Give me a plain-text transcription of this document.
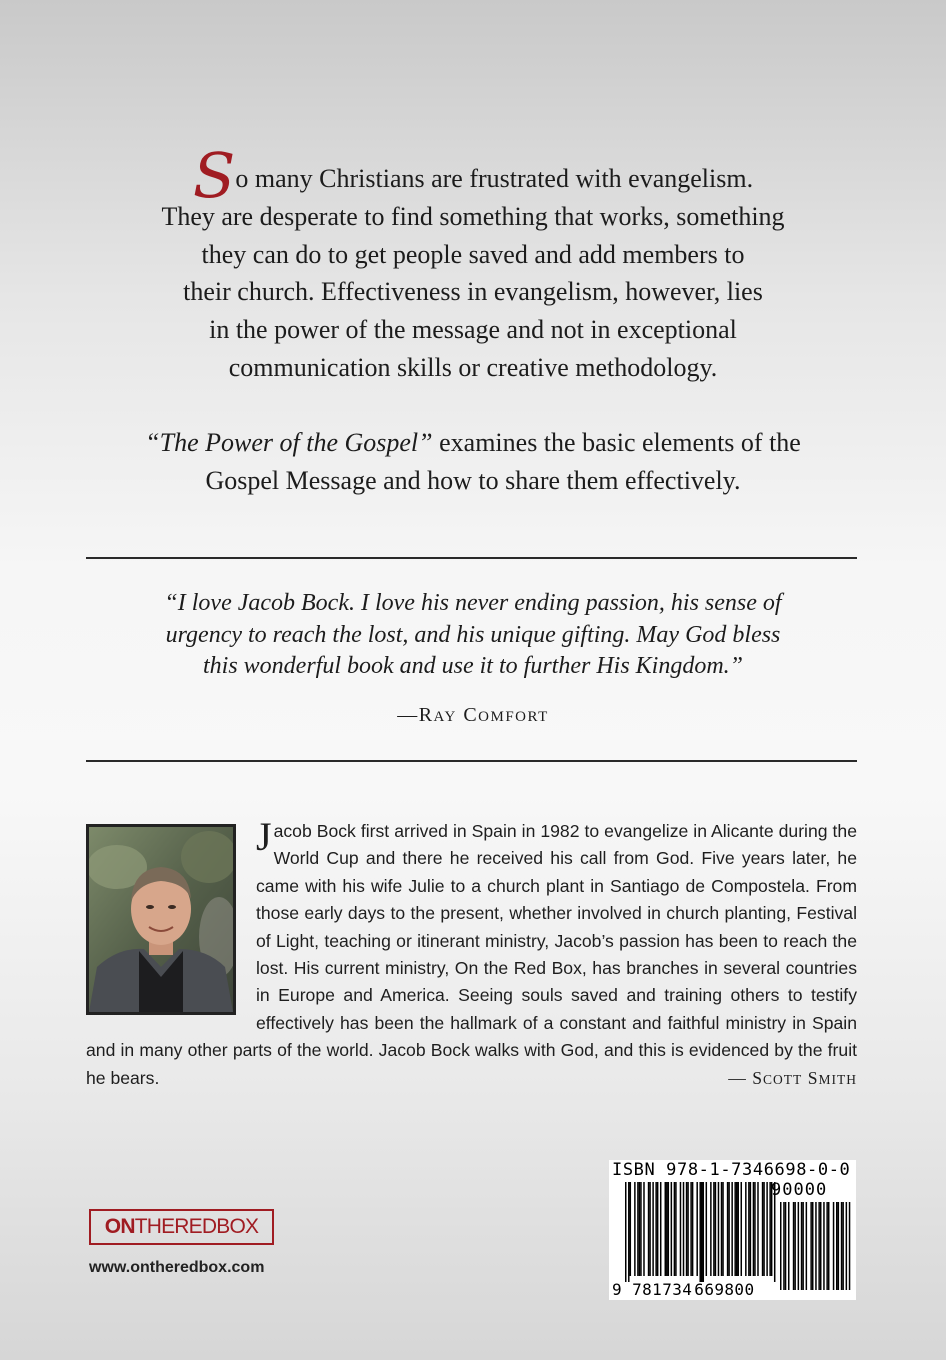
So many Christians are frustrated with evangelism.
They are desperate to find something that works, something
they can do to get people saved and add members to
their church. Effectiveness in evangelism, however, lies
in the power of the message and not in exceptional
communication skills or creative methodology.
“The Power of the Gospel” examines the basic elements of the
Gospel Message and how to share them effectively.
“I love Jacob Bock. I love his never ending passion, his sense of
urgency to reach the lost, and his unique gifting. May God bless
this wonderful book and use it to further His Kingdom.”
—RAY COMFORT
Jacob Bock first arrived in Spain in 1982 to evangelize in Alicante during the World Cup and there he received his call from God. Five years later, he came with his wife Julie to a church plant in Santiago de Compostela. From those early days to the present, whether involved in church planting, Festival of Light, teaching or itinerant ministry, Jacob’s passion has been to reach the lost. His current ministry, On the Red Box, has branches in several countries in Europe and America. Seeing souls saved and training others to testify effectively has been the hallmark of a constant and faithful ministry in Spain and in many other parts of the world. Jacob Bock walks with God, and this is evidenced by the fruit he bears.	— SCOTT SMITH
ONTHEREDBOX
www.ontheredbox.com
ISBN 978-1-7346698-0-0
90000
9 781734 669800
